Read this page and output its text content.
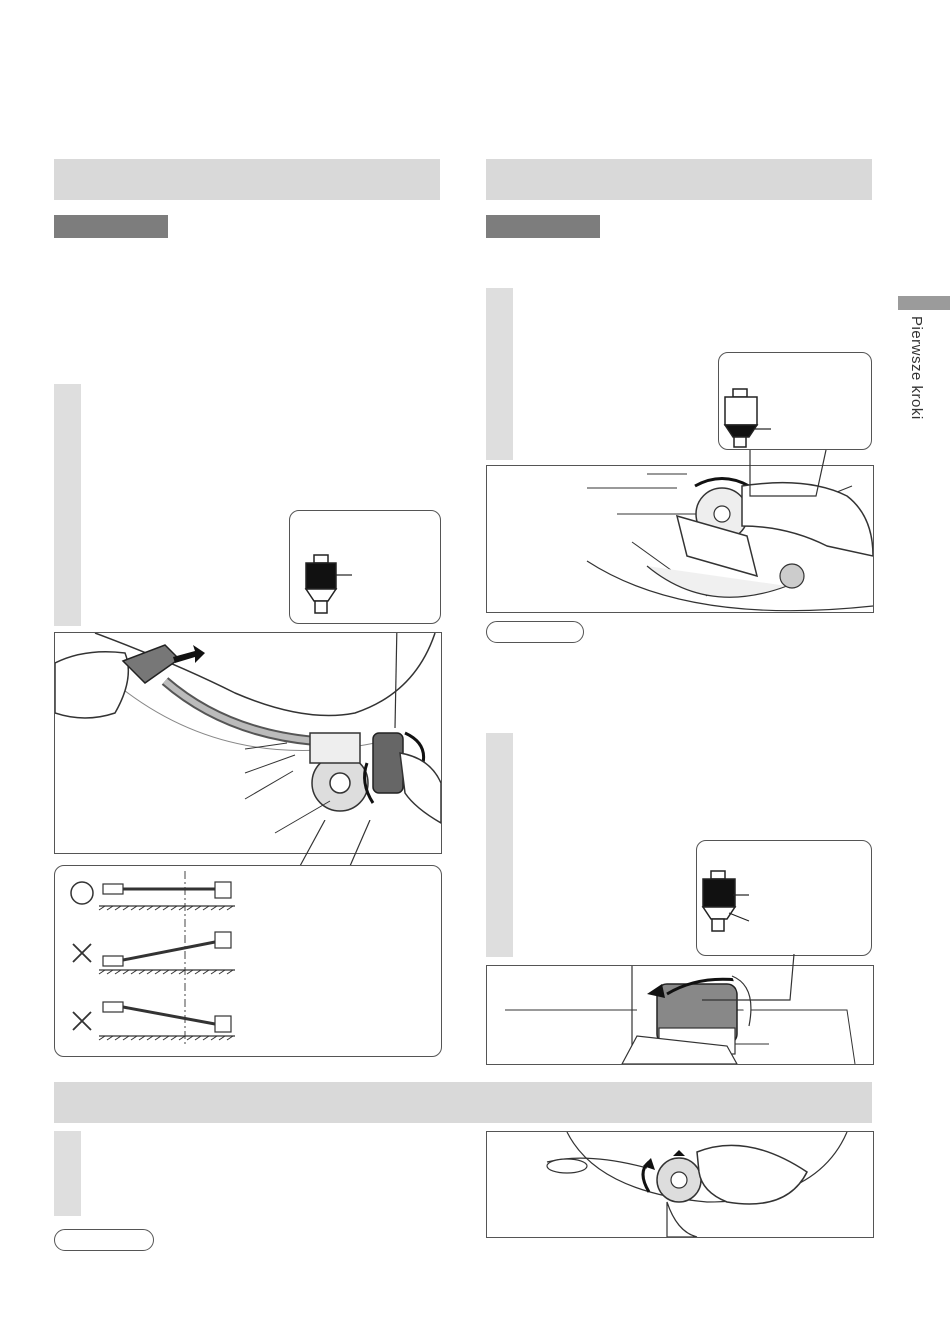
Pierwsze kroki
